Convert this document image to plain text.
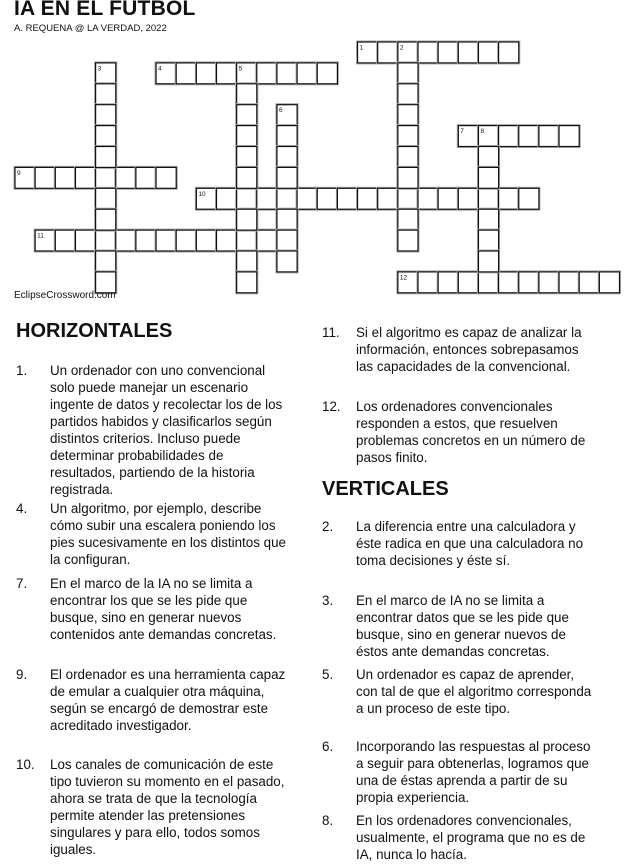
IA EN EL FUTBOL

A. REQUENA @ LA VERDAD, 2022

1
4
7
9
10
11
12
2
3	5
6
8

EclipseCrossword.com

HORIZONTALES
VERTICALES
1. Un ordenador con uno convencional solo puede manejar un escenario ingente de datos y recolectar los de los partidos habidos y clasificarlos según distintos criterios. Incluso puede determinar probabilidades de resultados, partiendo de la historia registrada.
4. Un algoritmo, por ejemplo, describe cómo subir una escalera poniendo los pies sucesivamente en los distintos que la configuran.
7. En el marco de la IA no se limita a encontrar los que se les pide que busque, sino en generar nuevos contenidos ante demandas concretas.
9. El ordenador es una herramienta capaz de emular a cualquier otra máquina, según se encargó de demostrar este acreditado investigador.
10. Los canales de comunicación de este tipo tuvieron su momento en el pasado, ahora se trata de que la tecnología permite atender las pretensiones singulares y para ello, todos somos iguales.
11. Si el algoritmo es capaz de analizar la información, entonces sobrepasamos las capacidades de la convencional.
12. Los ordenadores convencionales responden a estos, que resuelven problemas concretos en un número de pasos finito.
2. La diferencia entre una calculadora y éste radica en que una calculadora no toma decisiones y éste sí.
3. En el marco de IA no se limita a encontrar datos que se les pide que busque, sino en generar nuevos de éstos ante demandas concretas.
5. Un ordenador es capaz de aprender, con tal de que el algoritmo corresponda a un proceso de este tipo.
6. Incorporando las respuestas al proceso a seguir para obtenerlas, logramos que una de éstas aprenda a partir de su propia experiencia.
8. En los ordenadores convencionales, usualmente, el programa que no es de IA, nunca lo hacía.
